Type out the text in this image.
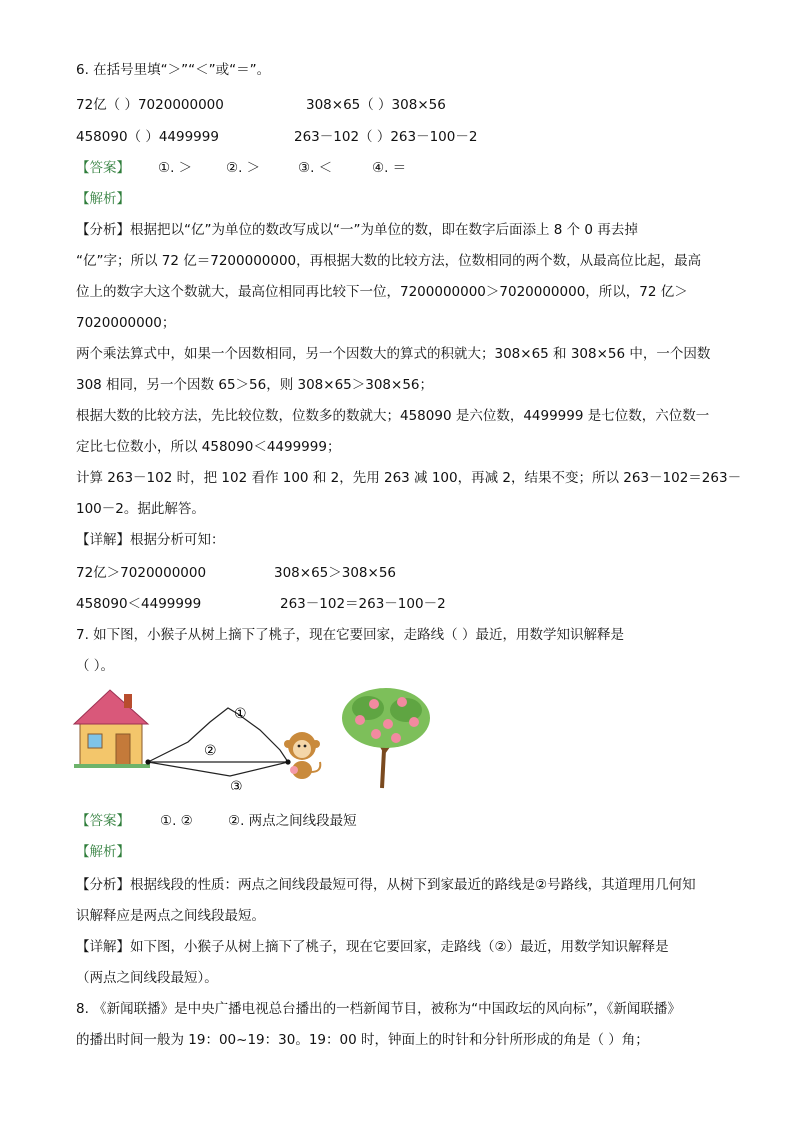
6. 在括号里填“＞”“＜”或“＝”。
72亿（ ）7020000000	308×65（ ）308×56
458090（ ）4499999	263－102（ ）263－100－2
【答案】 ①. ＞	②. ＞	③. ＜	④. ＝
【解析】
【分析】根据把以“亿”为单位的数改写成以“一”为单位的数，即在数字后面添上 8 个 0 再去掉
“亿”字；所以 72 亿＝7200000000，再根据大数的比较方法，位数相同的两个数，从最高位比起，最高
位上的数字大这个数就大，最高位相同再比较下一位，7200000000＞7020000000，所以，72 亿＞
7020000000；
两个乘法算式中，如果一个因数相同，另一个因数大的算式的积就大；308×65 和 308×56 中，一个因数
308 相同，另一个因数 65＞56，则 308×65＞308×56；
根据大数的比较方法，先比较位数，位数多的数就大；458090 是六位数，4499999 是七位数，六位数一
定比七位数小，所以 458090＜4499999；
计算 263－102 时，把 102 看作 100 和 2，先用 263 减 100，再减 2，结果不变；所以 263－102＝263－
100－2。据此解答。
【详解】根据分析可知：
72亿＞7020000000	308×65＞308×56
458090＜4499999	263－102＝263－100－2
7. 如下图，小猴子从树上摘下了桃子，现在它要回家，走路线（ ）最近，用数学知识解释是
（ ）。
①
②
③
【答案】 ①. ②	②. 两点之间线段最短
【解析】
【分析】根据线段的性质：两点之间线段最短可得，从树下到家最近的路线是②号路线，其道理用几何知
识解释应是两点之间线段最短。
【详解】如下图，小猴子从树上摘下了桃子，现在它要回家，走路线（②）最近，用数学知识解释是
（两点之间线段最短）。
8. 《新闻联播》是中央广播电视总台播出的一档新闻节目，被称为“中国政坛的风向标”，《新闻联播》
的播出时间一般为 19：00~19：30。19：00 时，钟面上的时针和分针所形成的角是（ ）角；
